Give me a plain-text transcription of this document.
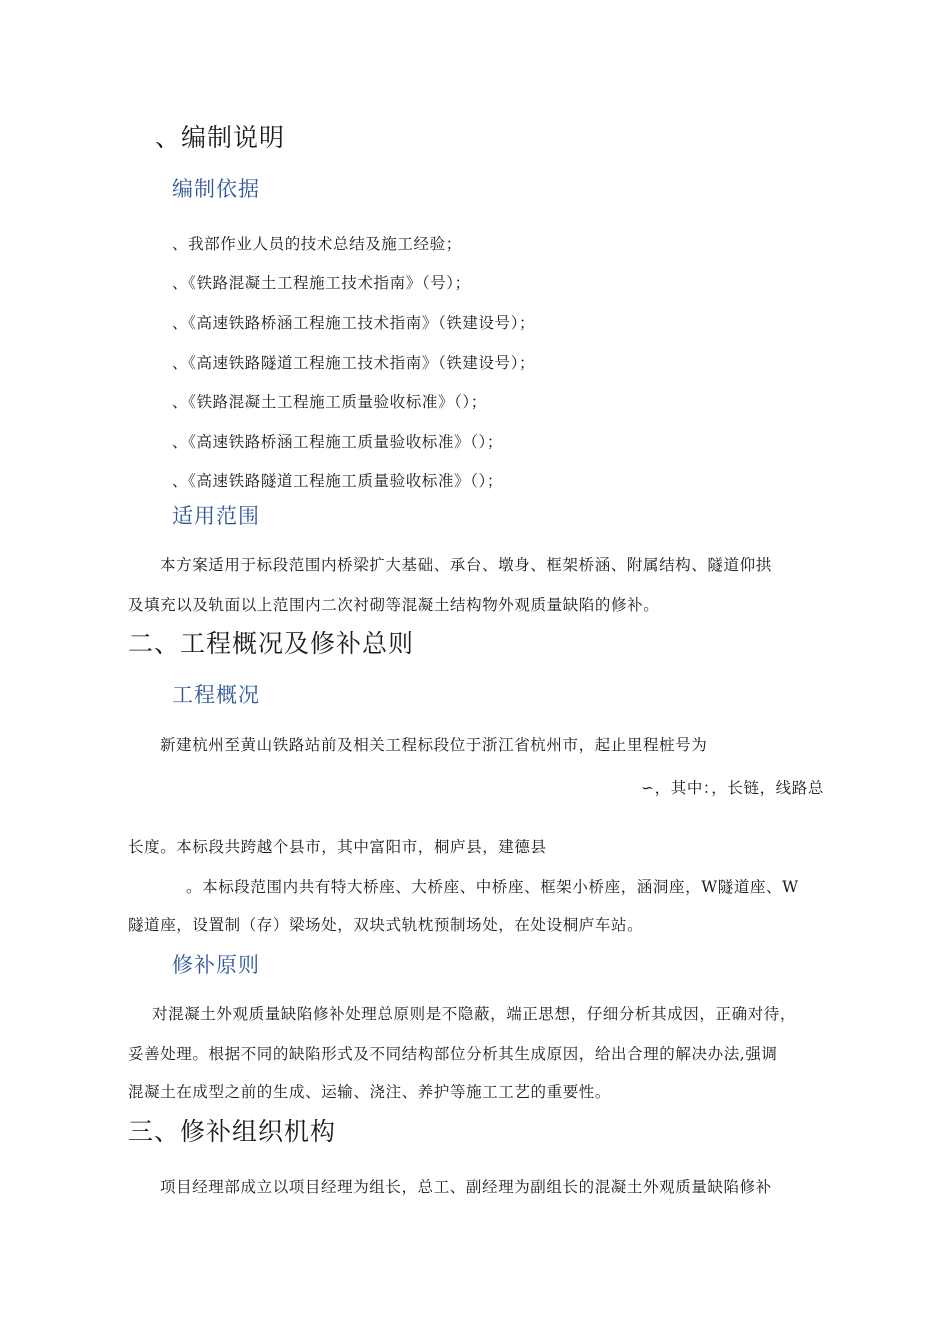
、编制说明
编制依据
、我部作业人员的技术总结及施工经验；
、《铁路混凝土工程施工技术指南》（号）；
、《高速铁路桥涵工程施工技术指南》（铁建设号）；
、《高速铁路隧道工程施工技术指南》（铁建设号）；
、《铁路混凝土工程施工质量验收标准》（）；
、《高速铁路桥涵工程施工质量验收标准》（）；
、《高速铁路隧道工程施工质量验收标准》（）；
适用范围
本方案适用于标段范围内桥梁扩大基础、承台、墩身、框架桥涵、附属结构、隧道仰拱
及填充以及轨面以上范围内二次衬砌等混凝土结构物外观质量缺陷的修补。
二、工程概况及修补总则
工程概况
新建杭州至黄山铁路站前及相关工程标段位于浙江省杭州市，起止里程桩号为
∽，其中：，长链，线路总
长度。本标段共跨越个县市，其中富阳市，桐庐县，建德县
。本标段范围内共有特大桥座、大桥座、中桥座、框架小桥座，涵洞座，W隧道座、W
隧道座，设置制（存）梁场处，双块式轨枕预制场处，在处设桐庐车站。
修补原则
对混凝土外观质量缺陷修补处理总原则是不隐蔽，端正思想，仔细分析其成因，正确对待，
妥善处理。根据不同的缺陷形式及不同结构部位分析其生成原因，给出合理的解决办法,强调
混凝土在成型之前的生成、运输、浇注、养护等施工工艺的重要性。
三、修补组织机构
项目经理部成立以项目经理为组长，总工、副经理为副组长的混凝土外观质量缺陷修补
